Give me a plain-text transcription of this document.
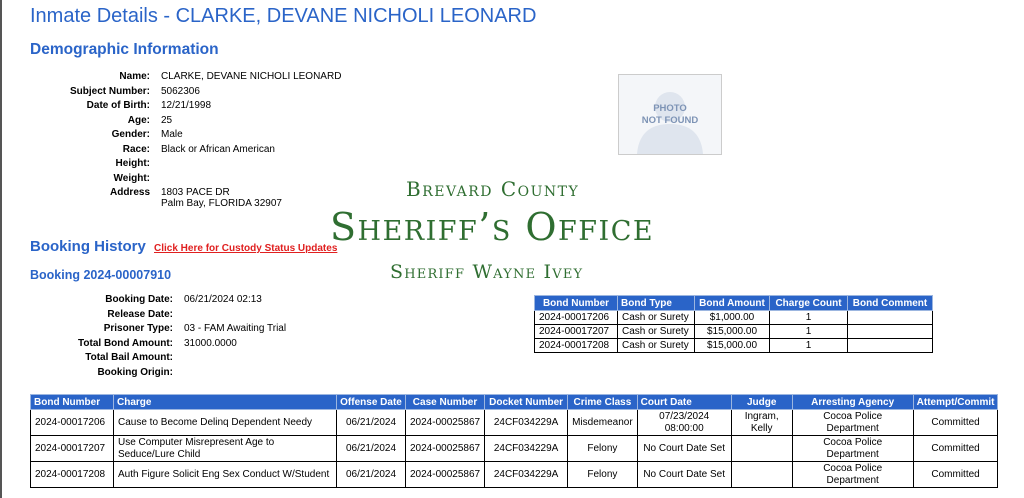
Inmate Details - CLARKE, DEVANE NICHOLI LEONARD
Demographic Information
Name:	CLARKE, DEVANE NICHOLI LEONARD
Subject Number:	5062306
Date of Birth:	12/21/1998
Age:	25
Gender:	Male
Race:	Black or African American
Height:	
Weight:	
Address	1803 PACE DR
Palm Bay, FLORIDA 32907
PHOTO
NOT FOUND
Brevard County
Sheriff’s Office
Sheriff Wayne Ivey
Booking History Click Here for Custody Status Updates
Booking 2024-00007910
Booking Date:	06/21/2024 02:13
Release Date:	
Prisoner Type:	03 - FAM Awaiting Trial
Total Bond Amount:	31000.0000
Total Bail Amount:	
Booking Origin:	
Bond Number	Bond Type	Bond Amount	Charge Count	Bond Comment
2024-00017206	Cash or Surety	$1,000.00	1	
2024-00017207	Cash or Surety	$15,000.00	1	
2024-00017208	Cash or Surety	$15,000.00	1	
Bond Number	Charge	Offense Date	Case Number	Docket Number	Crime Class	Court Date	Judge	Arresting Agency	Attempt/Commit
2024-00017206	Cause to Become Delinq Dependent Needy	06/21/2024	2024-00025867	24CF034229A	Misdemeanor	07/23/2024 08:00:00	Ingram, Kelly	Cocoa Police Department	Committed
2024-00017207	Use Computer Misrepresent Age to Seduce/Lure Child	06/21/2024	2024-00025867	24CF034229A	Felony	No Court Date Set		Cocoa Police Department	Committed
2024-00017208	Auth Figure Solicit Eng Sex Conduct W/Student	06/21/2024	2024-00025867	24CF034229A	Felony	No Court Date Set		Cocoa Police Department	Committed
